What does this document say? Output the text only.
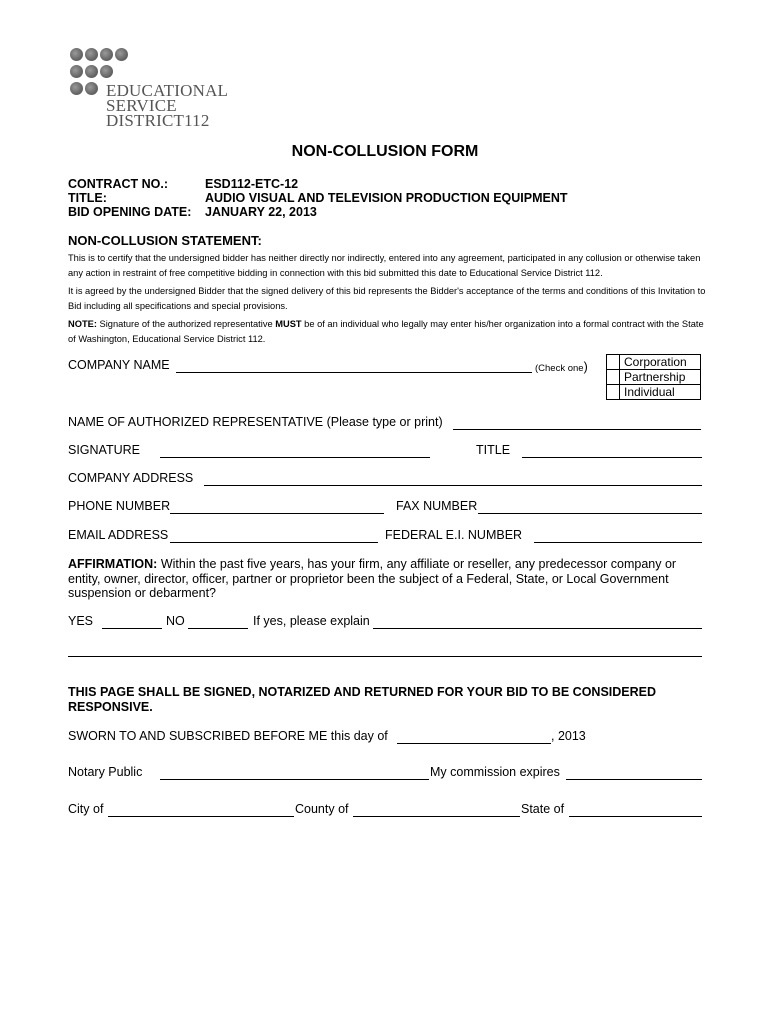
EDUCATIONAL
SERVICE
DISTRICT112
NON-COLLUSION FORM
CONTRACT NO.:	ESD112-ETC-12
TITLE:	AUDIO VISUAL AND TELEVISION PRODUCTION EQUIPMENT
BID OPENING DATE: JANUARY 22, 2013
NON-COLLUSION STATEMENT:
This is to certify that the undersigned bidder has neither directly nor indirectly, entered into any agreement, participated in any collusion or otherwise taken any action in restraint of free competitive bidding in connection with this bid submitted this date to Educational Service District 112.
It is agreed by the undersigned Bidder that the signed delivery of this bid represents the Bidder's acceptance of the terms and conditions of this Invitation to Bid including all specifications and special provisions.
NOTE: Signature of the authorized representative MUST be of an individual who legally may enter his/her organization into a formal contract with the State of Washington, Educational Service District 112.
COMPANY NAME	(Check one)
		Corporation
	Partnership
	Individual
NAME OF AUTHORIZED REPRESENTATIVE (Please type or print)
SIGNATURE	TITLE
COMPANY ADDRESS
PHONE NUMBER	FAX NUMBER
EMAIL ADDRESS	FEDERAL E.I. NUMBER
AFFIRMATION: Within the past five years, has your firm, any affiliate or reseller, any predecessor company or
entity, owner, director, officer, partner or proprietor been the subject of a Federal, State, or Local Government
suspension or debarment?
YES	NO	If yes, please explain
THIS PAGE SHALL BE SIGNED, NOTARIZED AND RETURNED FOR YOUR BID TO BE CONSIDERED
RESPONSIVE.
SWORN TO AND SUBSCRIBED BEFORE ME this day of	, 2013
Notary Public	My commission expires
City of	County of	State of
